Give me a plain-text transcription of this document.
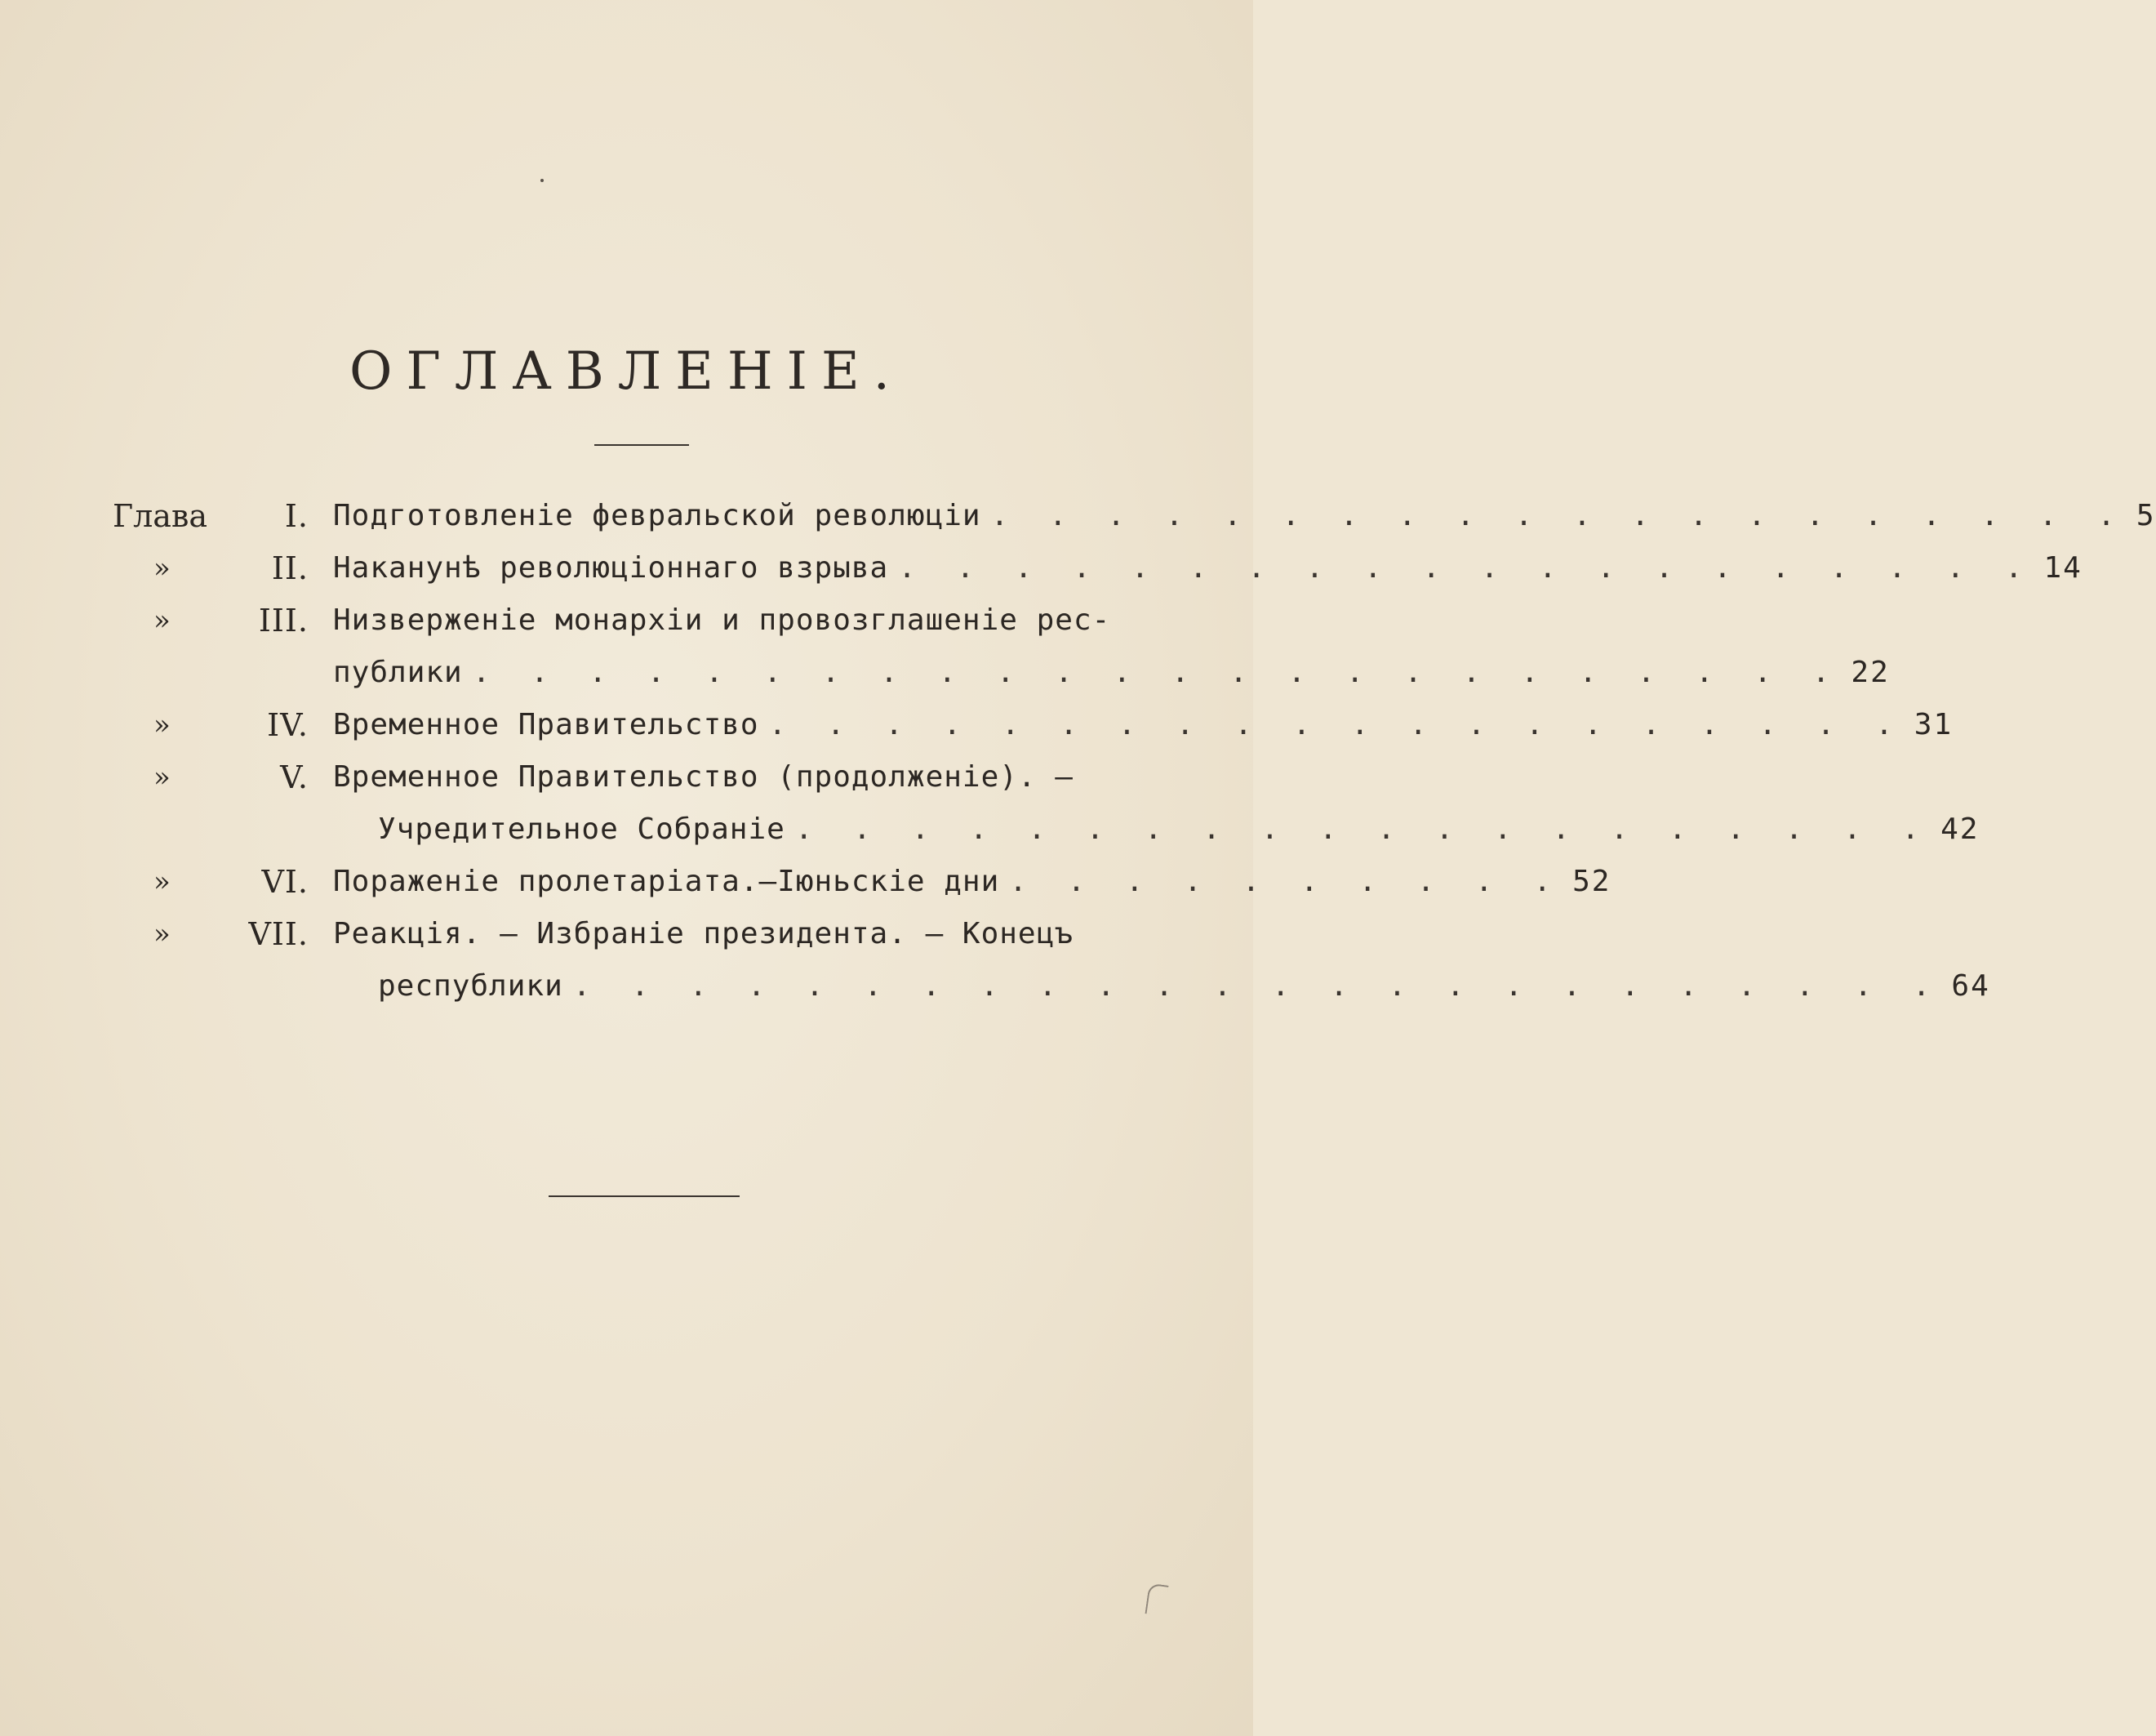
ОГЛАВЛЕНІЕ.
Глава	I. Подготовленіе февральской революціи . . . . . . . . . . . . . . . . . . . . 5
»	II. Наканунѣ революціоннаго взрыва . . . . . . . . . . . . . . . . . . . . 14
»	III. Низверженіе монархіи и провозглашеніе рес-
публики . . . . . . . . . . . . . . . . . . . . . . . . 22
»	IV. Временное Правительство . . . . . . . . . . . . . . . . . . . . 31
»	V. Временное Правительство (продолженіе). —
Учредительное Собраніе . . . . . . . . . . . . . . . . . . . . 42
»	VI. Пораженіе пролетаріата.—Іюньскіе дни . . . . . . . . . . 52
»	VII. Реакція. — Избраніе президента. — Конецъ
республики . . . . . . . . . . . . . . . . . . . . . . . . 64
